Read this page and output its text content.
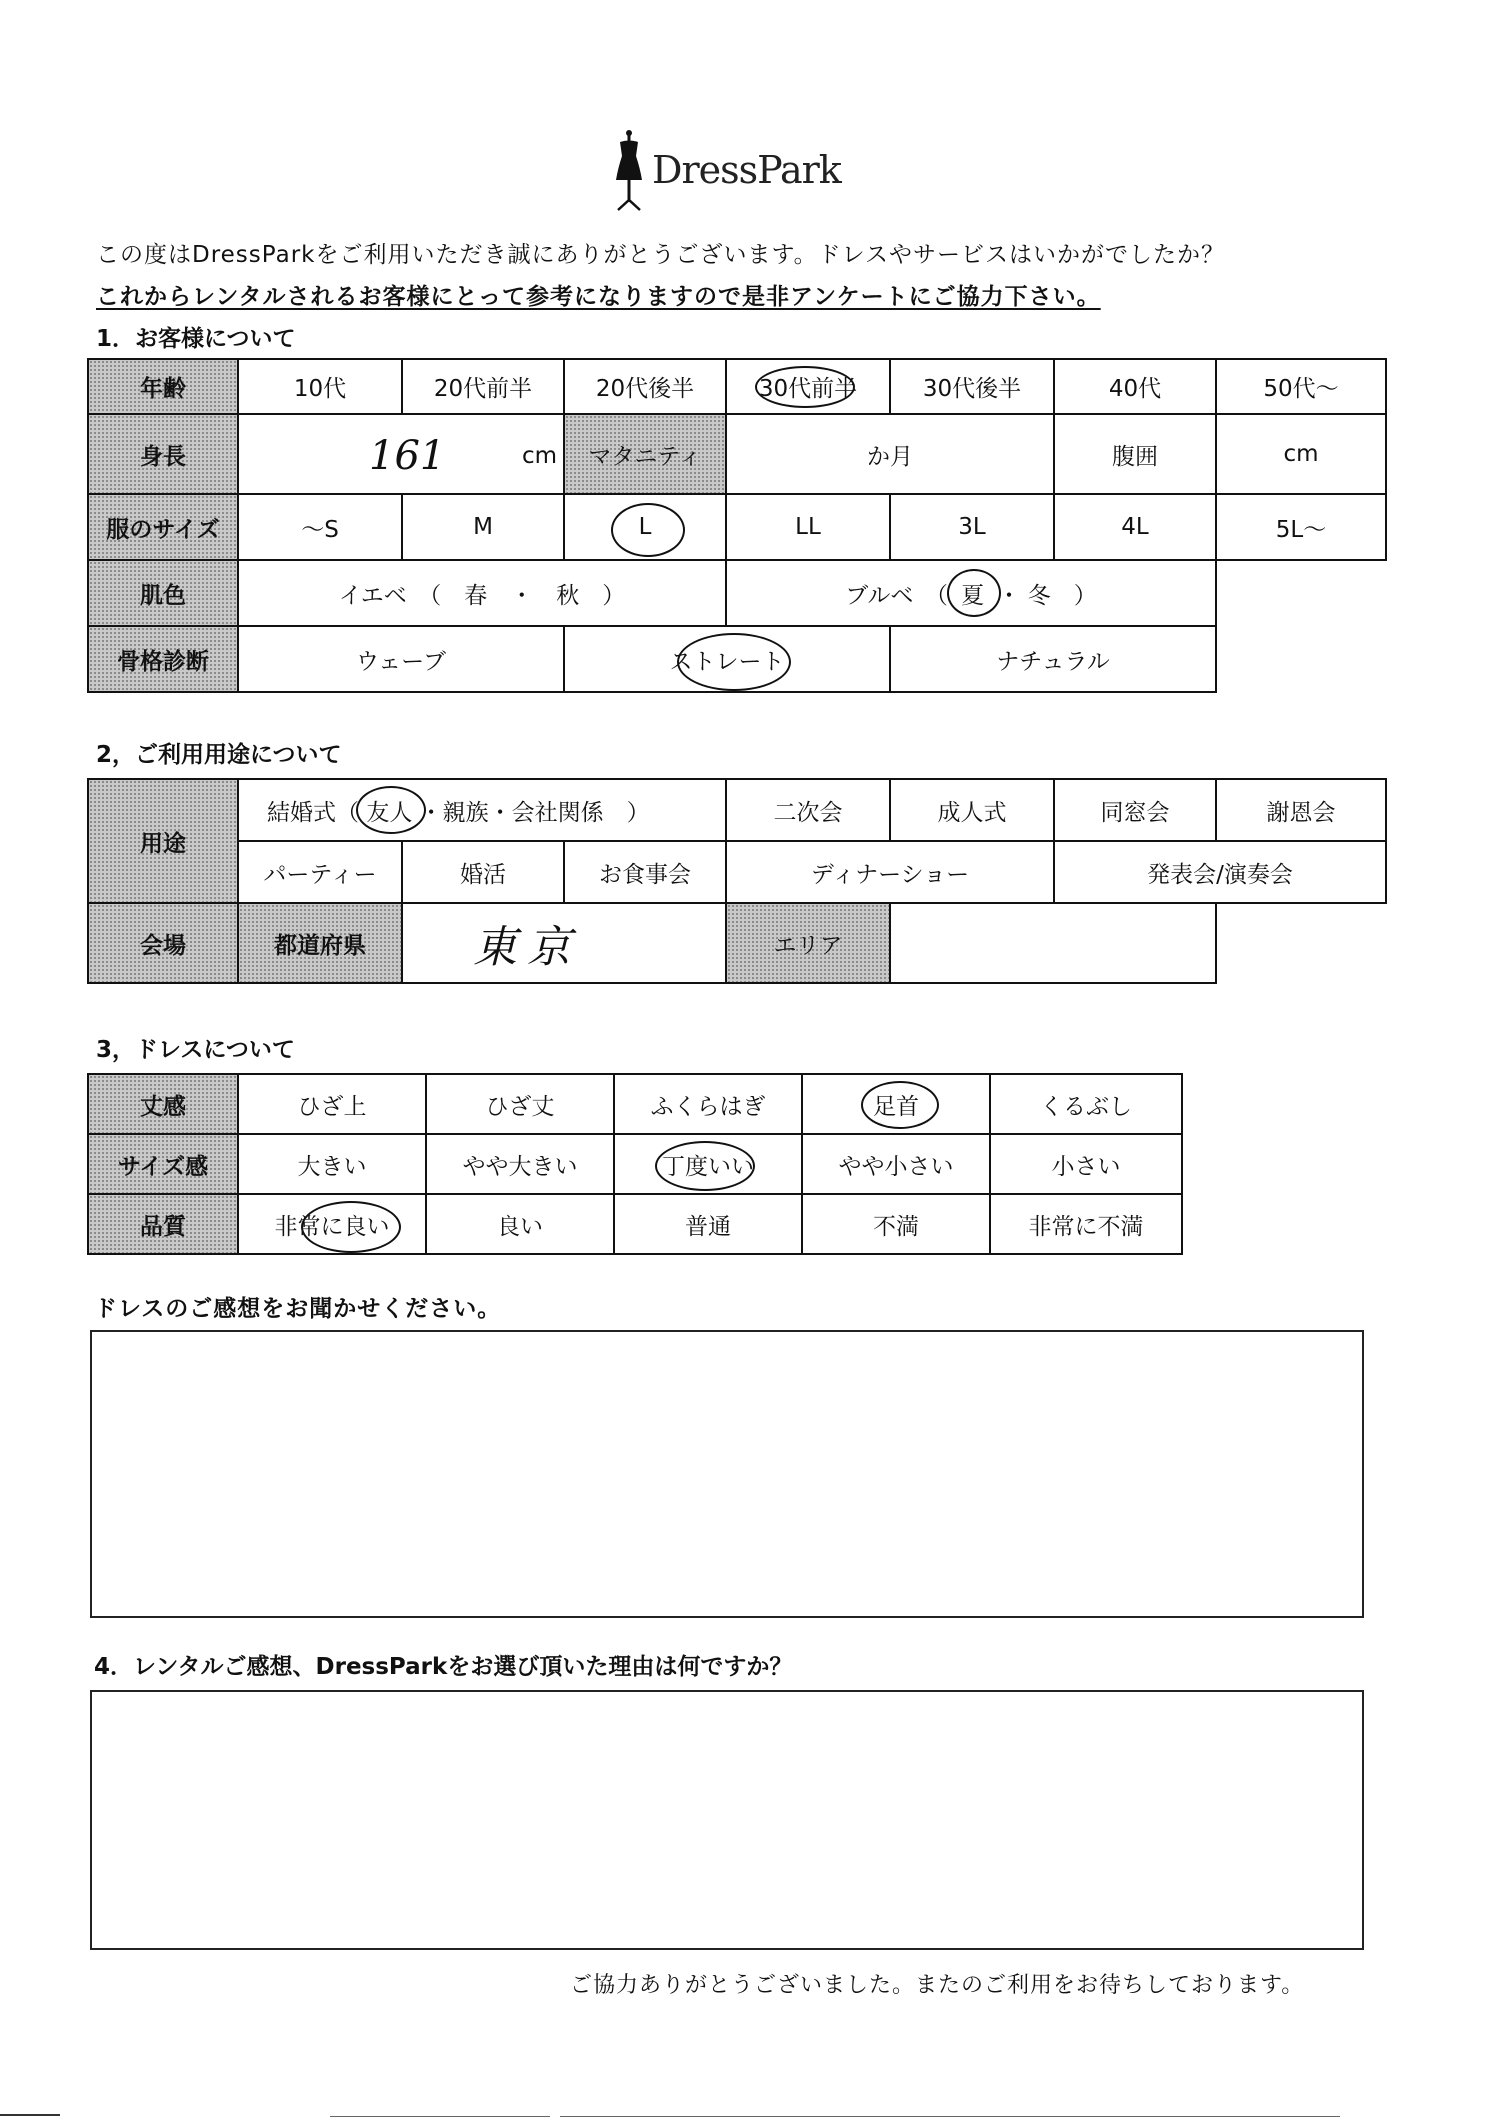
DressPark
この度はDressParkをご利用いただき誠にありがとうございます。ドレスやサービスはいかがでしたか？
これからレンタルされるお客様にとって参考になりますので是非アンケートにご協力下さい。
1．お客様について
年齢	10代	20代前半	20代後半	30代前半	30代後半	40代	50代～
身長	161 cm		マタニティ	か月		腹囲	cm
服のサイズ	～S	M	L	LL	3L	4L	5L～
肌色	イエベ　（　春　・　秋　）			ブルベ　（ 夏 ・ 冬　）			
骨格診断	ウェーブ		ストレート		ナチュラル		
2，ご利用用途について
用途	結婚式（ 友人 ・親族・会社関係　）			二次会	成人式	同窓会	謝恩会
	パーティー	婚活	お食事会	ディナーショー		発表会/演奏会	
会場	都道府県	東京		エリア			
3，ドレスについて
丈感	ひざ上	ひざ丈	ふくらはぎ	足首	くるぶし
サイズ感	大きい	やや大きい	丁度いい	やや小さい	小さい
品質	非常に良い	良い	普通	不満	非常に不満
ドレスのご感想をお聞かせください。
4．レンタルご感想、DressParkをお選び頂いた理由は何ですか？
ご協力ありがとうございました。またのご利用をお待ちしております。
